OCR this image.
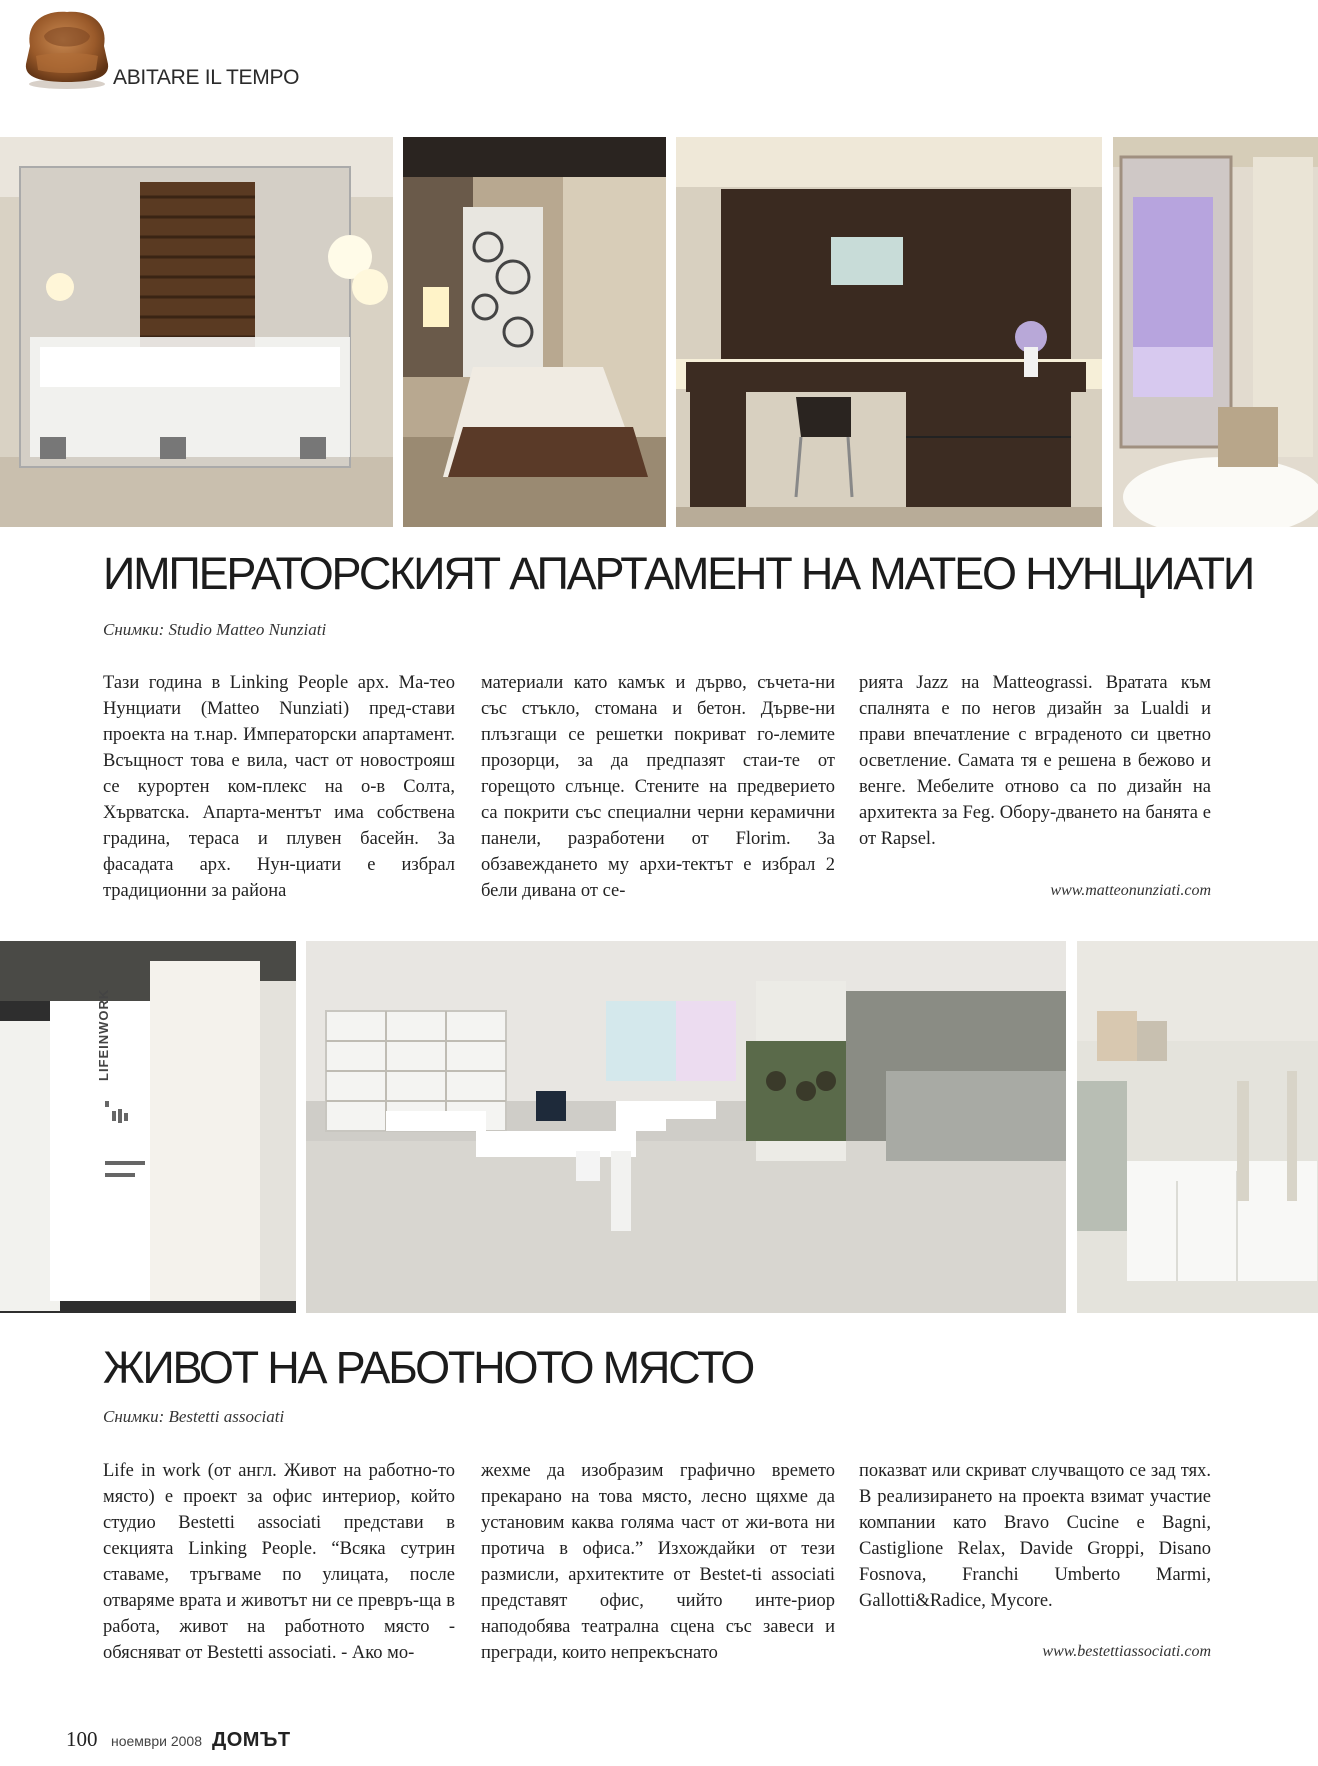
ABITARE IL TEMPO
ИМПЕРАТОРСКИЯТ АПАРТАМЕНТ НА МАТЕО НУНЦИАТИ
Снимки: Studio Matteo Nunziati
Тази година в Linking People арх. Ма-тео Нунциати (Matteo Nunziati) пред-стави проекта на т.нар. Императорски апартамент. Всъщност това е вила, част от новострояш се курортен ком-плекс на о-в Солта, Хърватска. Апарта-ментът има собствена градина, тераса и плувен басейн. За фасадата арх. Нун-циати е избрал традиционни за района
материали като камък и дърво, съчета-ни със стъкло, стомана и бетон. Дърве-ни плъзгащи се решетки покриват го-лемите прозорци, за да предпазят стаи-те от горещото слънце. Стените на предверието са покрити със специални черни керамични панели, разработени от Florim. За обзавеждането му архи-тектът е избрал 2 бели дивана от се-
рията Jazz на Matteograssi. Вратата към спалнята е по негов дизайн за Lualdi и прави впечатление с вграденото си цветно осветление. Самата тя е решена в бежово и венге. Мебелите отново са по дизайн на архитекта за Feg. Обору-дването на банята е от Rapsel.
www.matteonunziati.com
LIFEINWORK
ЖИВОТ НА РАБОТНОТО МЯСТО
Снимки: Bestetti associati
Life in work (от англ. Живот на работно-то място) е проект за офис интериор, който студио Bestetti associati представи в секцията Linking People. “Всяка сутрин ставаме, тръгваме по улицата, после отваряме врата и животът ни се превръ-ща в работа, живот на работното място - обясняват от Bestetti associati. - Ако мо-
жехме да изобразим графично времето прекарано на това място, лесно щяхме да установим каква голяма част от жи-вота ни протича в офиса.” Изхождайки от тези размисли, архитектите от Bestet-ti associati представят офис, чийто инте-риор наподобява театрална сцена със завеси и прегради, които непрекъснато
показват или скриват случващото се зад тях. В реализирането на проекта взимат участие компании като Bravo Cucine e Bagni, Castiglione Relax, Davide Groppi, Disano Fosnova, Franchi Umberto Marmi, Gallotti&Radice, Mycore.
www.bestettiassociati.com
100 ноември 2008 ДОМЪТ
